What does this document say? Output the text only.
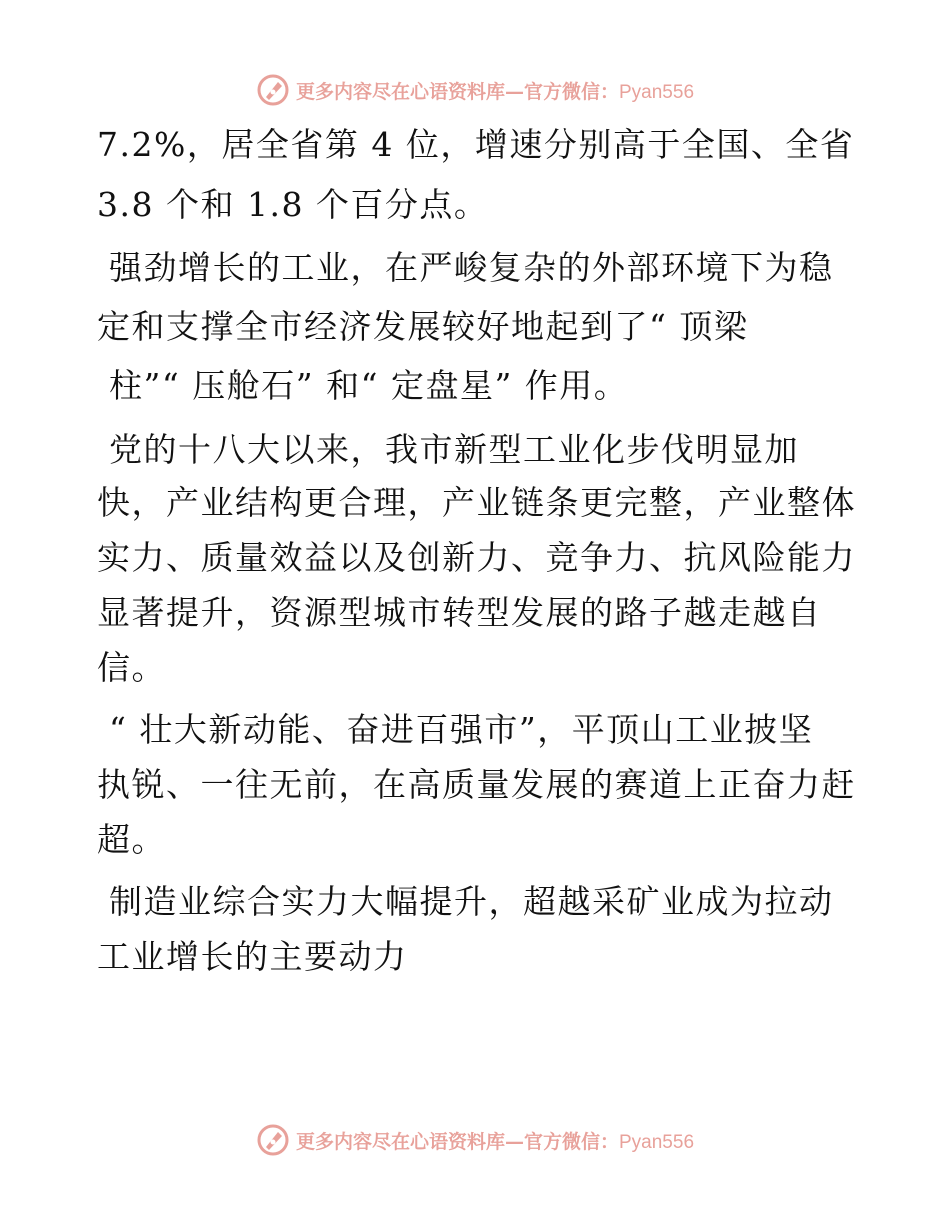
更多内容尽在心语资料库—官方微信：Pyan556
7.2%，居全省第 4 位，增速分别高于全国、全省
3.8 个和 1.8 个百分点。
强劲增长的工业，在严峻复杂的外部环境下为稳
定和支撑全市经济发展较好地起到了“ 顶梁
柱”“ 压舱石” 和“ 定盘星” 作用。
党的十八大以来，我市新型工业化步伐明显加
快，产业结构更合理，产业链条更完整，产业整体
实力、质量效益以及创新力、竞争力、抗风险能力
显著提升，资源型城市转型发展的路子越走越自
信。
“ 壮大新动能、奋进百强市”，平顶山工业披坚
执锐、一往无前，在高质量发展的赛道上正奋力赶
超。
制造业综合实力大幅提升，超越采矿业成为拉动
工业增长的主要动力
更多内容尽在心语资料库—官方微信：Pyan556
